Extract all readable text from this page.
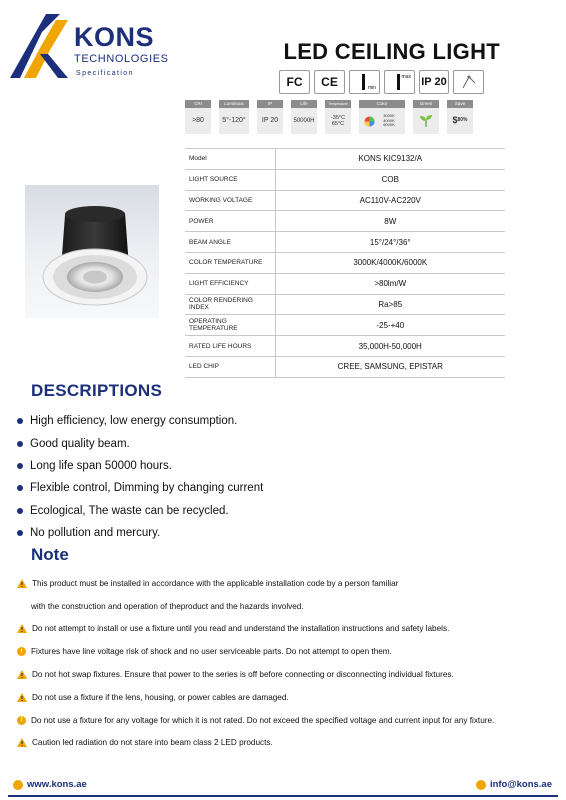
KONS
TECHNOLOGIES
Specification
LED CEILING LIGHT
FC CE	min
max IP 20
CRI
>80
Luminous
5°-120°
IP
IP 20
Life
50000H
Temperature
-35°C 65°C
Color
3000K 4000K 6000K
Green	Save
$ 80%
Model	KONS KIC9132/A
LIGHT SOURCE	COB
WORKING VOLTAGE	AC110V-AC220V
POWER	8W
BEAM ANGLE	15°/24°/36°
COLOR TEMPERATURE	3000K/4000K/6000K
LIGHT EFFICIENCY	>80lm/W
COLOR RENDERING INDEX	Ra>85
OPERATING TEMPERATURE	-25-+40
RATED LIFE HOURS	35,000H-50,000H
LED CHIP	CREE, SAMSUNG, EPISTAR
DESCRIPTIONS
High efficiency, low energy consumption.
Good quality beam.
Long life span 50000 hours.
Flexible control, Dimming by changing current
Ecological, The waste can be recycled.
No pollution and mercury.
Note
This product must be installed in accordance with the applicable installation code by a person familiar
with the construction and operation of theproduct and the hazards involved.
Do not attempt to install or use a fixture until you read and understand the installation instructions and safety labels.
!	Fixtures have line voltage risk of shock and no user serviceable parts. Do not attempt to open them.
Do not hot swap fixtures. Ensure that power to the series is off before connecting or disconnecting individual fixtures.
Do not use a fixture if the lens, housing, or power cables are damaged.
!	Do not use a fixture for any voltage for which it is not rated. Do not exceed the specified voltage and current input for any fixture.
Caution led radiation do not stare into beam class 2 LED products.
www.kons.ae	info@kons.ae
